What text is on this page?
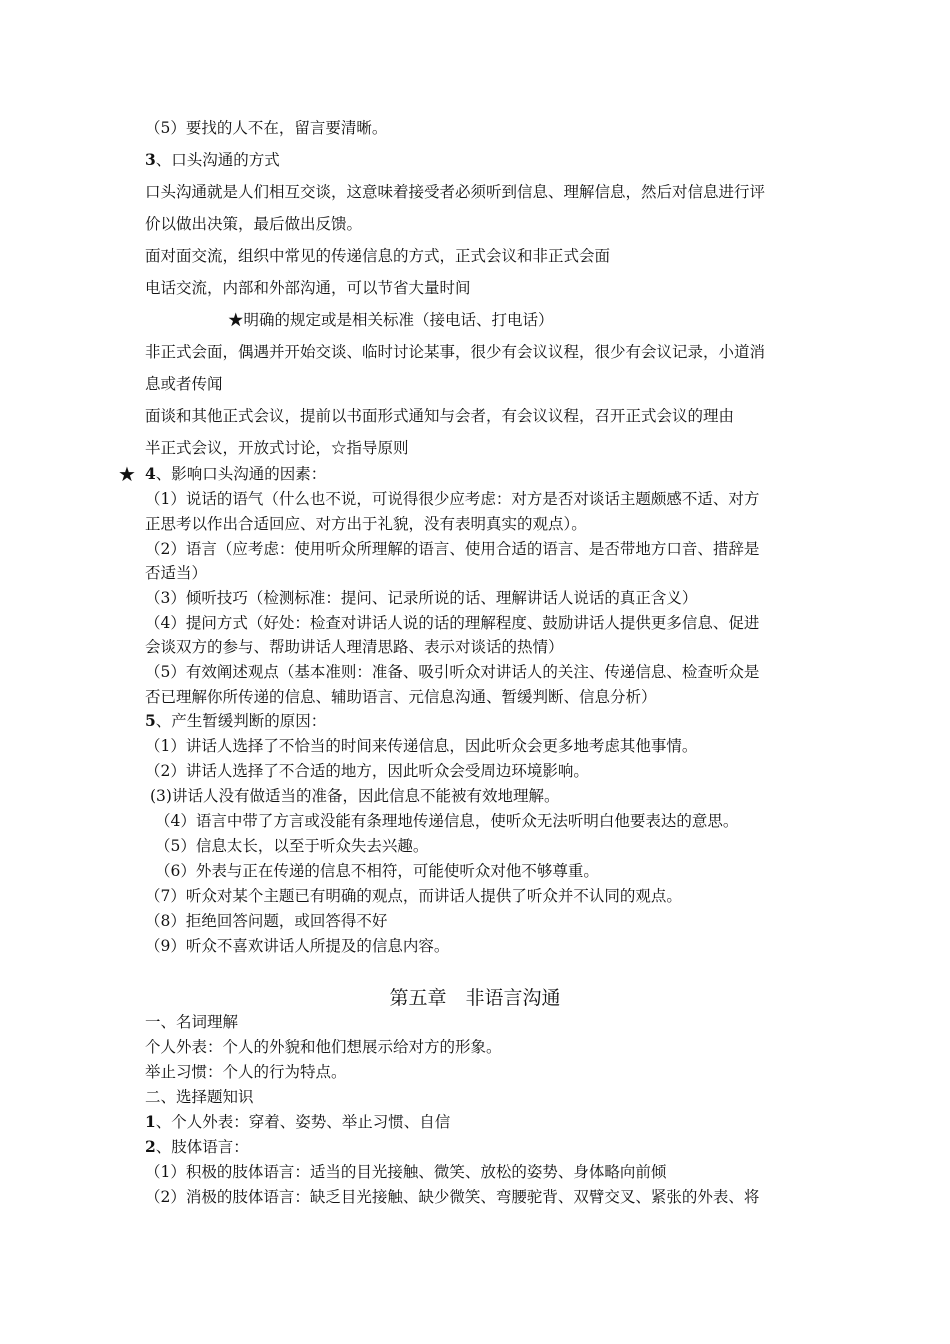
（5）要找的人不在，留言要清晰。
3、口头沟通的方式
口头沟通就是人们相互交谈，这意味着接受者必须听到信息、理解信息，然后对信息进行评
价以做出决策，最后做出反馈。
面对面交流，组织中常见的传递信息的方式，正式会议和非正式会面
电话交流，内部和外部沟通，可以节省大量时间
★明确的规定或是相关标准（接电话、打电话）
非正式会面，偶遇并开始交谈、临时讨论某事，很少有会议议程，很少有会议记录，小道消
息或者传闻
面谈和其他正式会议，提前以书面形式通知与会者，有会议议程，召开正式会议的理由
半正式会议，开放式讨论，☆指导原则
★ 4、影响口头沟通的因素：
（1）说话的语气（什么也不说，可说得很少应考虑：对方是否对谈话主题颇感不适、对方
正思考以作出合适回应、对方出于礼貌，没有表明真实的观点）。
（2）语言（应考虑：使用听众所理解的语言、使用合适的语言、是否带地方口音、措辞是
否适当）
（3）倾听技巧（检测标准：提问、记录所说的话、理解讲话人说话的真正含义）
（4）提问方式（好处：检查对讲话人说的话的理解程度、鼓励讲话人提供更多信息、促进
会谈双方的参与、帮助讲话人理清思路、表示对谈话的热情）
（5）有效阐述观点（基本准则：准备、吸引听众对讲话人的关注、传递信息、检查听众是
否已理解你所传递的信息、辅助语言、元信息沟通、暂缓判断、信息分析）
5、产生暂缓判断的原因：
（1）讲话人选择了不恰当的时间来传递信息，因此听众会更多地考虑其他事情。
（2）讲话人选择了不合适的地方，因此听众会受周边环境影响。
(3)讲话人没有做适当的准备，因此信息不能被有效地理解。
（4）语言中带了方言或没能有条理地传递信息，使听众无法听明白他要表达的意思。
（5）信息太长，以至于听众失去兴趣。
（6）外表与正在传递的信息不相符，可能使听众对他不够尊重。
（7）听众对某个主题已有明确的观点，而讲话人提供了听众并不认同的观点。
（8）拒绝回答问题，或回答得不好
（9）听众不喜欢讲话人所提及的信息内容。
第五章　非语言沟通
一、名词理解
个人外表：个人的外貌和他们想展示给对方的形象。
举止习惯：个人的行为特点。
二、选择题知识
1、个人外表：穿着、姿势、举止习惯、自信
2、肢体语言：
（1）积极的肢体语言：适当的目光接触、微笑、放松的姿势、身体略向前倾
（2）消极的肢体语言：缺乏目光接触、缺少微笑、弯腰驼背、双臂交叉、紧张的外表、将
